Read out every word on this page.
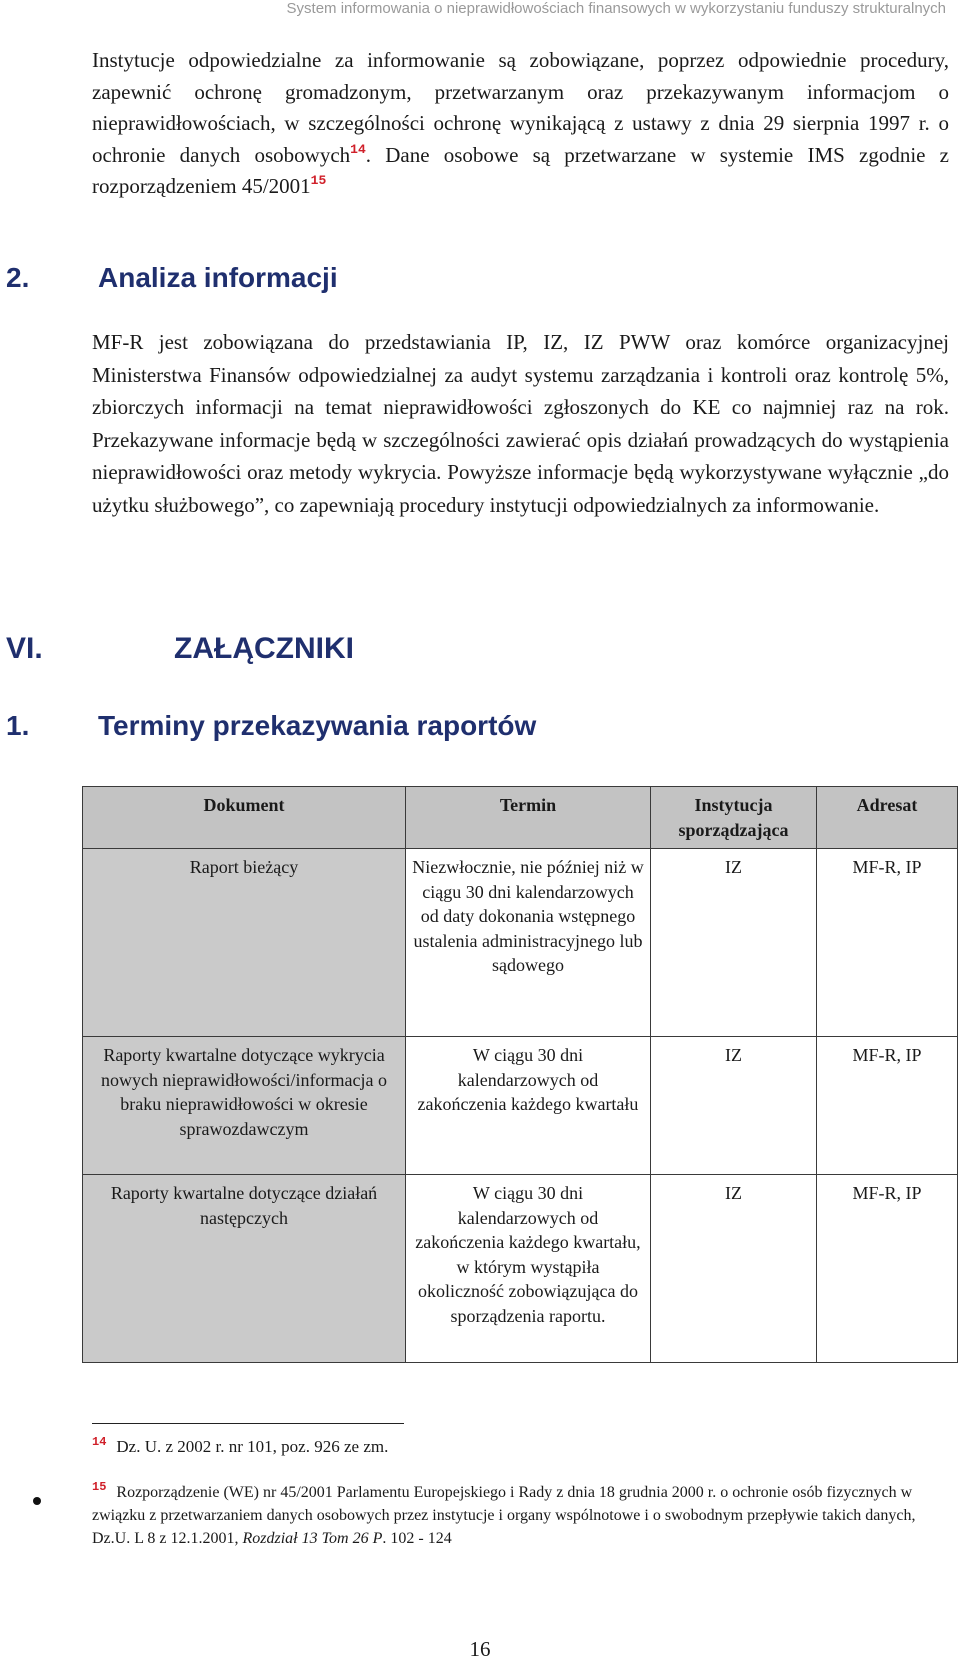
System informowania o nieprawidłowościach finansowych w wykorzystaniu funduszy strukturalnych

Instytucje odpowiedzialne za informowanie są zobowiązane, poprzez odpowiednie procedury, zapewnić ochronę gromadzonym, przetwarzanym oraz przekazywanym informacjom o nieprawidłowościach, w szczególności ochronę wynikającą z ustawy z dnia 29 sierpnia 1997 r. o ochronie danych osobowych$^{14}$. Dane osobowe są przetwarzane w systemie IMS zgodnie z rozporządzeniem 45/2001$^{15}$

2. Analiza informacji

MF-R jest zobowiązana do przedstawiania IP, IZ, IZ PWW oraz komórce organizacyjnej Ministerstwa Finansów odpowiedzialnej za audyt systemu zarządzania i kontroli oraz kontrolę 5%, zbiorczych informacji na temat nieprawidłowości zgłoszonych do KE co najmniej raz na rok. Przekazywane informacje będą w szczególności zawierać opis działań prowadzących do wystąpienia nieprawidłowości oraz metody wykrycia. Powyższe informacje będą wykorzystywane wyłącznie „do użytku służbowego”, co zapewniają procedury instytucji odpowiedzialnych za informowanie.

VI.	ZAŁĄCZNIKI
1. Terminy przekazywania raportów
Dokument	Termin	Instytucja sporządzająca	Adresat
Raport bieżący	Niezwłocznie, nie później niż w ciągu 30 dni kalendarzowych od daty dokonania wstępnego ustalenia administracyjnego lub sądowego	IZ	MF-R, IP
Raporty kwartalne dotyczące wykrycia nowych nieprawidłowości/informacja o braku nieprawidłowości w okresie sprawozdawczym	W ciągu 30 dni kalendarzowych od zakończenia każdego kwartału	IZ	MF-R, IP
Raporty kwartalne dotyczące działań następczych	W ciągu 30 dni kalendarzowych od zakończenia każdego kwartału, w którym wystąpiła okoliczność zobowiązująca do sporządzenia raportu.	IZ	MF-R, IP

$^{14}$ Dz. U. z 2002 r. nr 101, poz. 926 ze zm.

$^{15}$ Rozporządzenie (WE) nr 45/2001 Parlamentu Europejskiego i Rady z dnia 18 grudnia 2000 r. o ochronie osób fizycznych w związku z przetwarzaniem danych osobowych przez instytucje i organy wspólnotowe i o swobodnym przepływie takich danych, Dz.U. L 8 z 12.1.2001, Rozdział 13 Tom 26 P. 102 - 124

16
